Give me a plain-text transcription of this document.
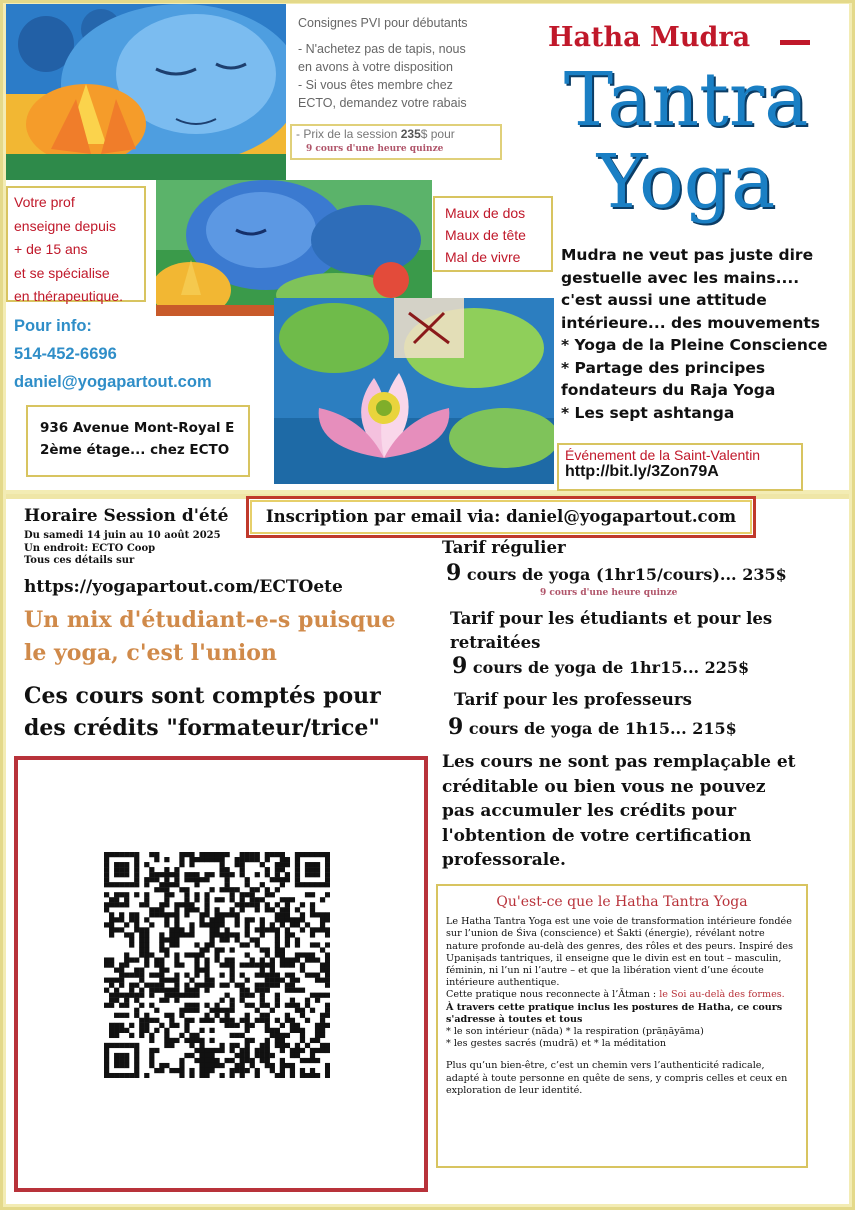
Consignes PVI pour débutants

- N'achetez pas de tapis, nous

en avons à votre disposition

- Si vous êtes membre chez

ECTO, demandez votre rabais

- Prix de la session 235$ pour
9 cours d'une heure quinze
Hatha Mudra
Tantra
Yoga

Mudra ne veut pas juste dire

gestuelle avec les mains....

c'est aussi une attitude

intérieure... des mouvements

* Yoga de la Pleine Conscience

* Partage des principes

fondateurs du Raja Yoga

* Les sept ashtanga

Votre prof
enseigne depuis
+ de 15 ans
et se spécialise
en thérapeutique.
Maux de dos
Maux de tête
Mal de vivre
Pour info:
514-452-6696
daniel@yogapartout.com
936 Avenue Mont-Royal E
2ème étage... chez ECTO	Événement de la Saint-Valentin
http://bit.ly/3Zon79A
Horaire Session d'été
Du samedi 14 juin au 10 août 2025
Un endroit: ECTO Coop
Tous ces détails sur
https://yogapartout.com/ECTOete
Inscription par email via: daniel@yogapartout.com
Un mix d'étudiant-e-s puisque
le yoga, c'est l'union
Ces cours sont comptés pour
des crédits "formateur/trice"
Tarif régulier
9 cours de yoga (1hr15/cours)... 235$
9 cours d'une heure quinze
Tarif pour les étudiants et pour les
retraitées
9 cours de yoga de 1hr15... 225$
Tarif pour les professeurs
9 cours de yoga de 1h15... 215$
Les cours ne sont pas remplaçable et
créditable ou bien vous ne pouvez
pas accumuler les crédits pour
l'obtention de votre certification
professorale.
Qu'est-ce que le Hatha Tantra Yoga

Le Hatha Tantra Yoga est une voie de transformation intérieure fondée sur l’union de Śiva (conscience) et Śakti (énergie), révélant notre nature profonde au-delà des genres, des rôles et des peurs. Inspiré des Upaniṣads tantriques, il enseigne que le divin est en tout – masculin, féminin, ni l’un ni l’autre – et que la libération vient d’une écoute intérieure authentique.

Cette pratique nous reconnecte à l’Ātman : le Soi au-delà des formes.

À travers cette pratique inclus les postures de Hatha, ce cours s'adresse à toutes et tous

* le son intérieur (nāda) * la respiration (prāṇāyāma)

* les gestes sacrés (mudrā) et * la méditation

Plus qu’un bien-être, c’est un chemin vers l’authenticité radicale, adapté à toute personne en quête de sens, y compris celles et ceux en exploration de leur identité.
